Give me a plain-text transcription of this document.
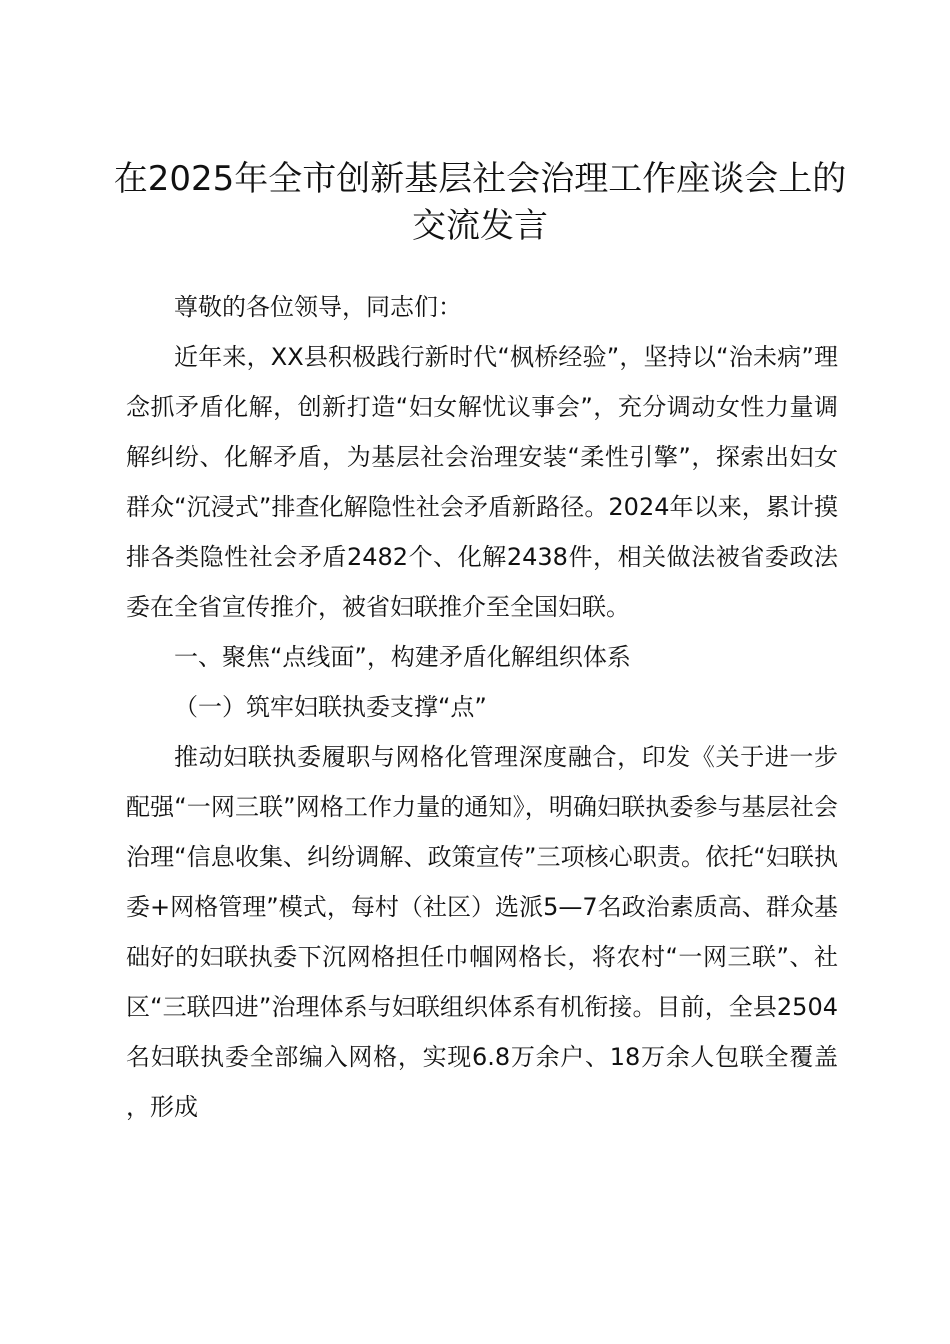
在2025年全市创新基层社会治理工作座谈会上的交流发言

尊敬的各位领导，同志们：

近年来，XX县积极践行新时代“枫桥经验”，坚持以“治未病”理念抓矛盾化解，创新打造“妇女解忧议事会”，充分调动女性力量调解纠纷、化解矛盾，为基层社会治理安装“柔性引擎”，探索出妇女群众“沉浸式”排查化解隐性社会矛盾新路径。2024年以来，累计摸排各类隐性社会矛盾2482个、化解2438件，相关做法被省委政法委在全省宣传推介，被省妇联推介至全国妇联。

一、聚焦“点线面”，构建矛盾化解组织体系

（一）筑牢妇联执委支撑“点”

推动妇联执委履职与网格化管理深度融合，印发《关于进一步配强“一网三联”网格工作力量的通知》，明确妇联执委参与基层社会治理“信息收集、纠纷调解、政策宣传”三项核心职责。依托“妇联执委+网格管理”模式，每村（社区）选派5—7名政治素质高、群众基础好的妇联执委下沉网格担任巾帼网格长，将农村“一网三联”、社区“三联四进”治理体系与妇联组织体系有机衔接。目前，全县2504名妇联执委全部编入网格，实现6.8万余户、18万余人包联全覆盖，形成
